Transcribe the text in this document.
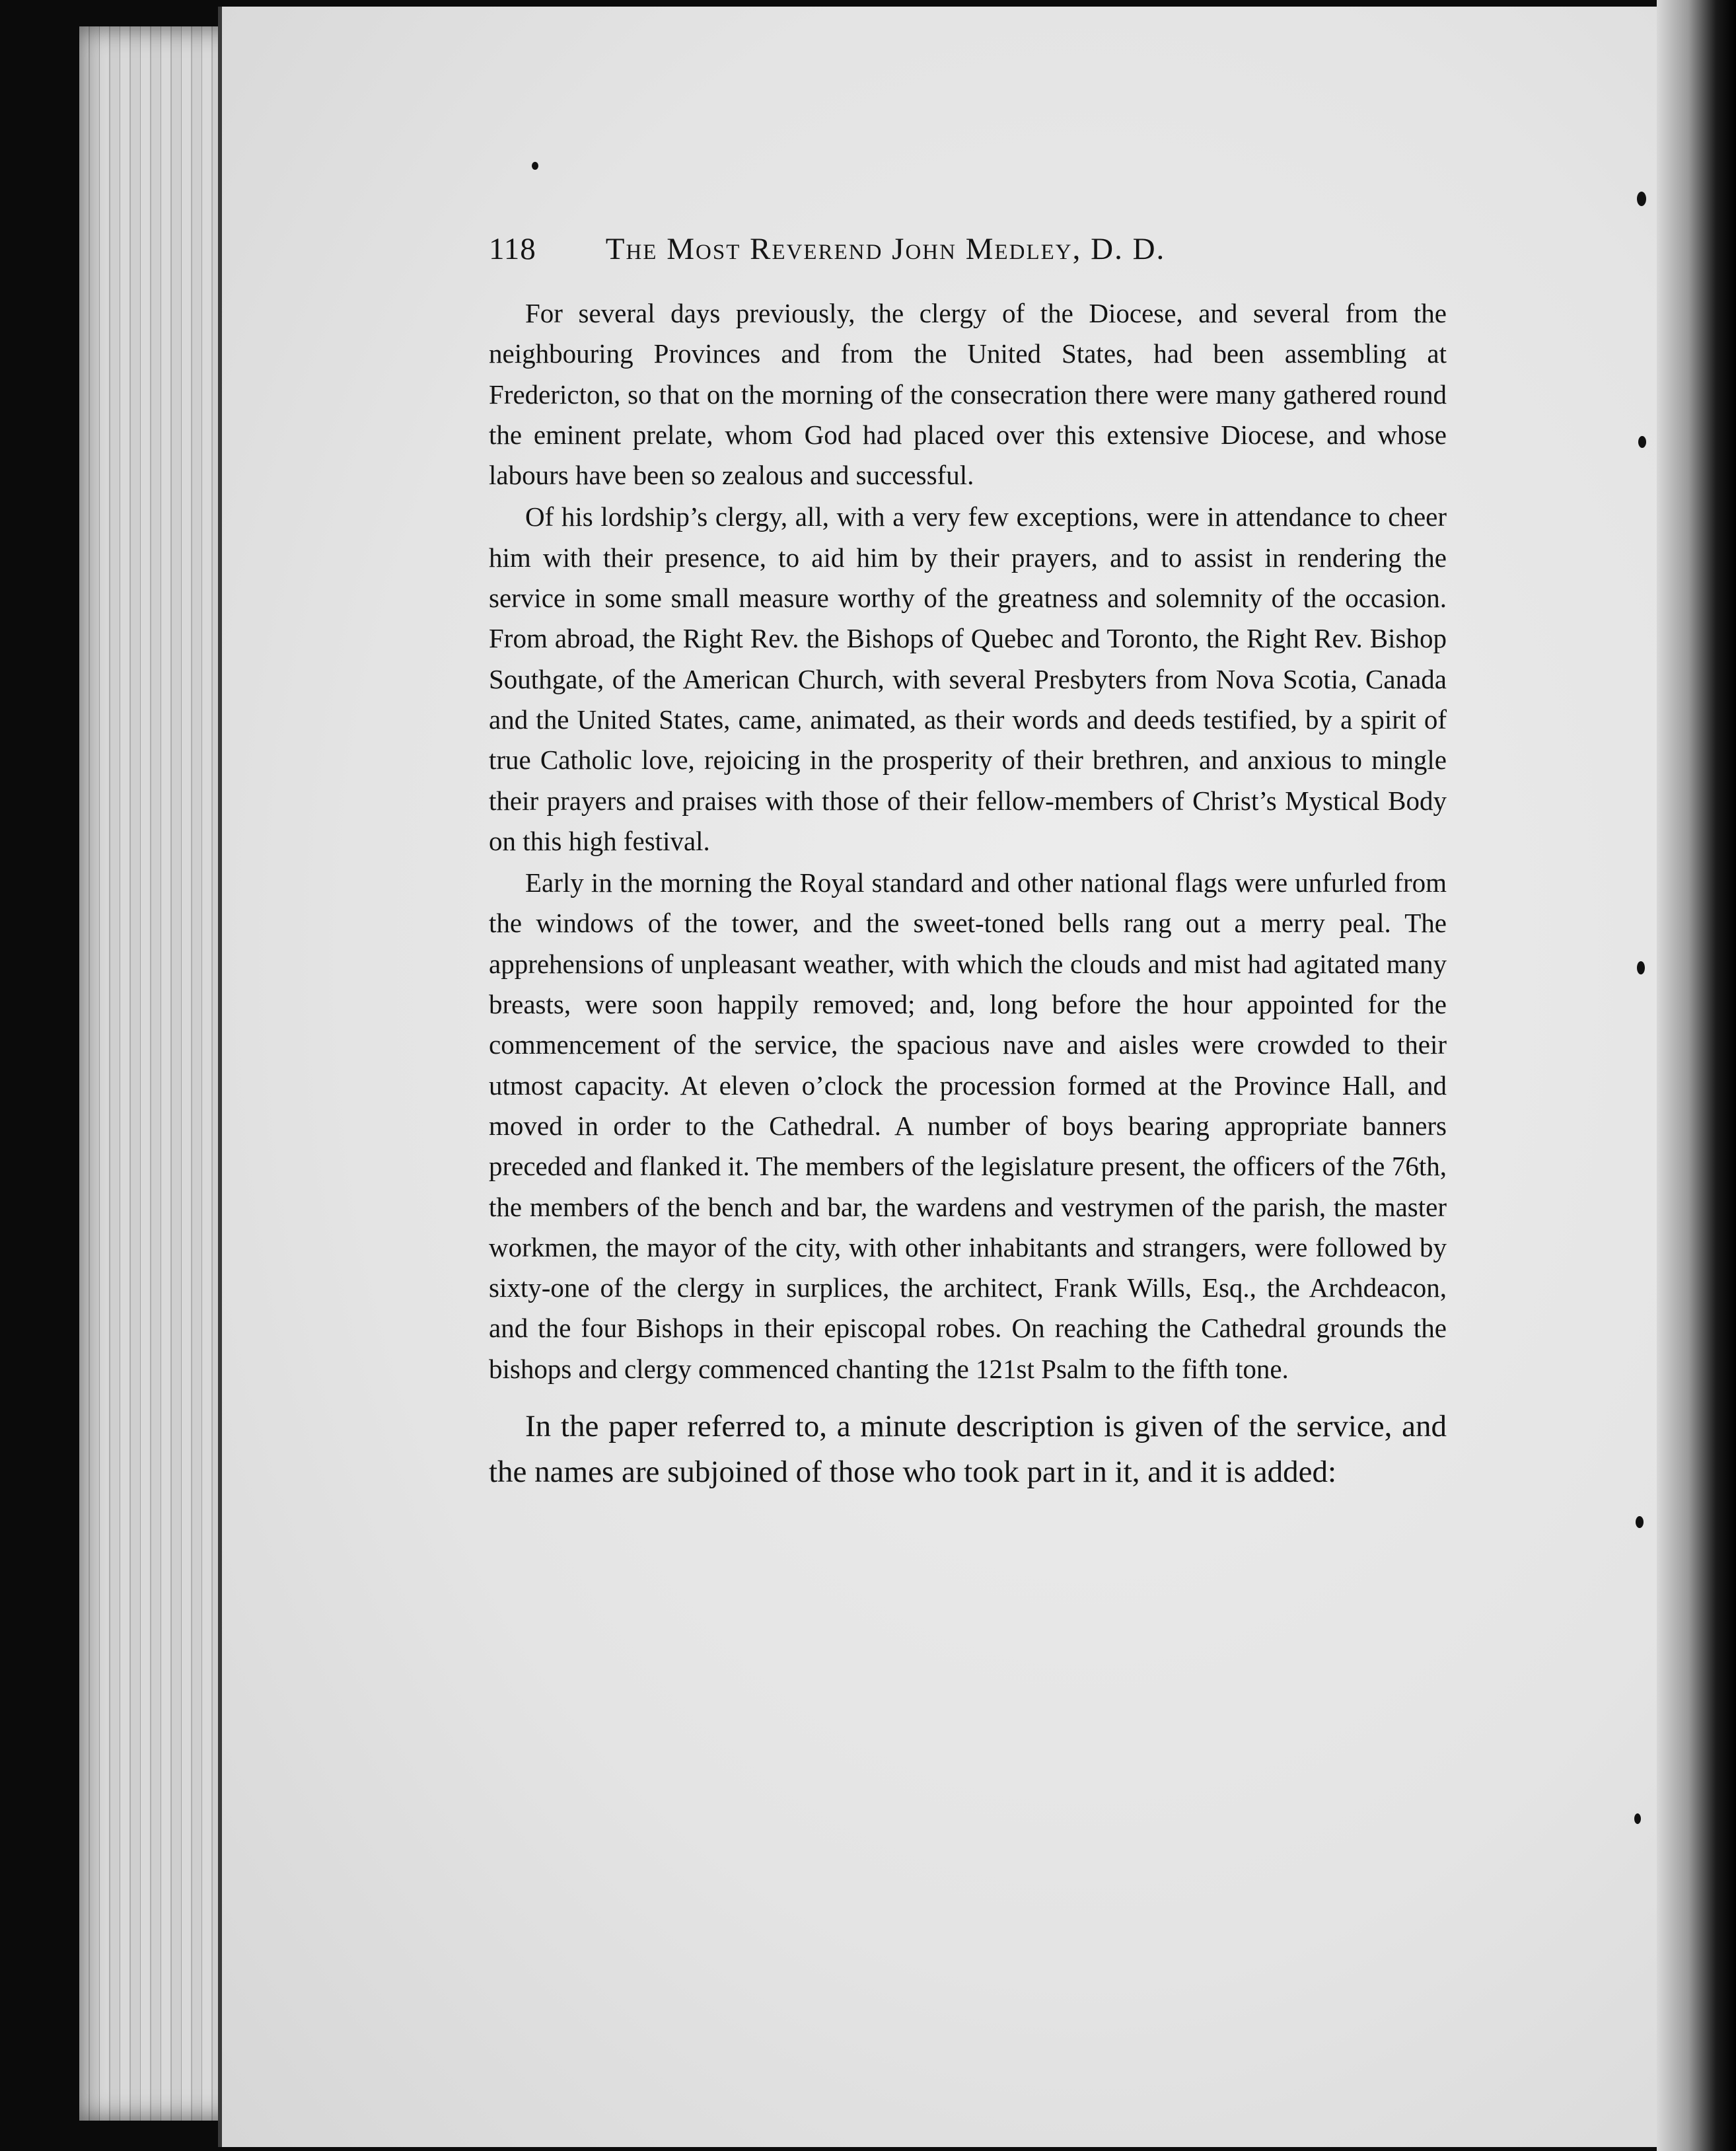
118 The Most Reverend John Medley, D. D.

For several days previously, the clergy of the Diocese, and several from the neighbouring Provinces and from the United States, had been assembling at Fredericton, so that on the morning of the consecration there were many gathered round the eminent prelate, whom God had placed over this extensive Diocese, and whose labours have been so zealous and successful.

Of his lordship’s clergy, all, with a very few exceptions, were in attendance to cheer him with their presence, to aid him by their prayers, and to assist in rendering the service in some small measure worthy of the greatness and solemnity of the occasion. From abroad, the Right Rev. the Bishops of Quebec and Toronto, the Right Rev. Bishop Southgate, of the American Church, with several Presbyters from Nova Scotia, Canada and the United States, came, animated, as their words and deeds testified, by a spirit of true Catholic love, rejoicing in the prosperity of their brethren, and anxious to mingle their prayers and praises with those of their fellow-members of Christ’s Mystical Body on this high festival.

Early in the morning the Royal standard and other national flags were unfurled from the windows of the tower, and the sweet-toned bells rang out a merry peal. The apprehensions of unpleasant weather, with which the clouds and mist had agitated many breasts, were soon happily removed; and, long before the hour appointed for the commencement of the service, the spacious nave and aisles were crowded to their utmost capacity. At eleven o’clock the procession formed at the Province Hall, and moved in order to the Cathedral. A number of boys bearing appropriate banners preceded and flanked it. The members of the legislature present, the officers of the 76th, the members of the bench and bar, the wardens and vestrymen of the parish, the master workmen, the mayor of the city, with other inhabitants and strangers, were followed by sixty-one of the clergy in surplices, the architect, Frank Wills, Esq., the Archdeacon, and the four Bishops in their episcopal robes. On reaching the Cathedral grounds the bishops and clergy commenced chanting the 121st Psalm to the fifth tone.

In the paper referred to, a minute description is given of the service, and the names are subjoined of those who took part in it, and it is added:
